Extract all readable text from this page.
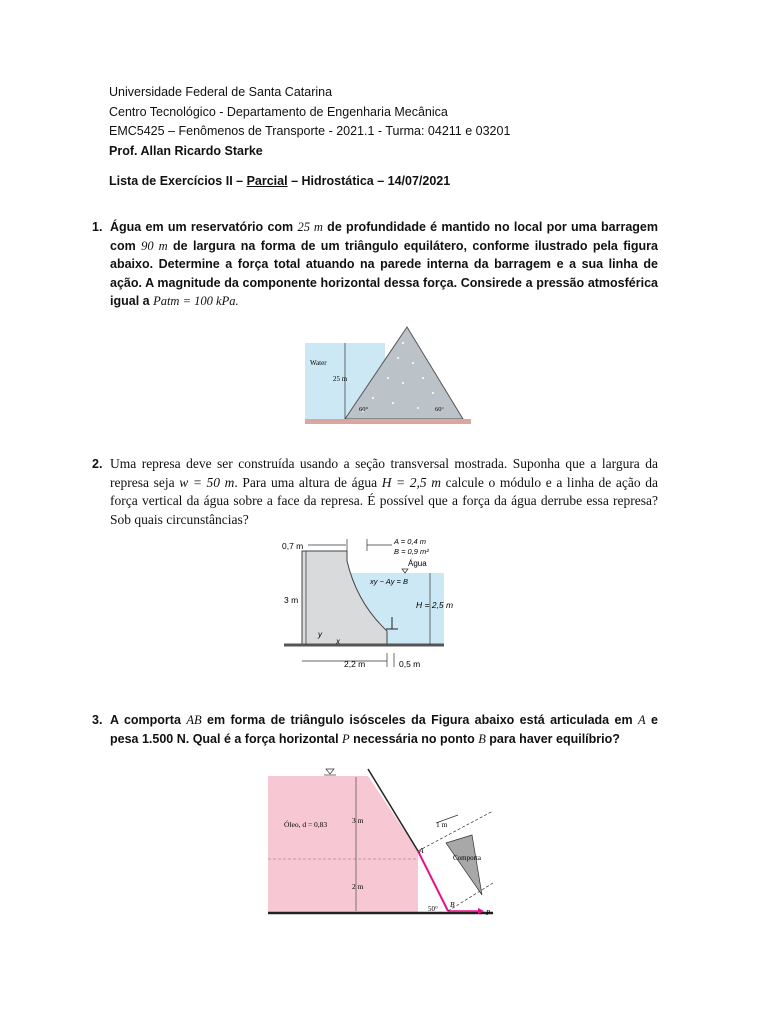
Universidade Federal de Santa Catarina
Centro Tecnológico - Departamento de Engenharia Mecânica
EMC5425 – Fenômenos de Transporte - 2021.1 - Turma: 04211 e 03201
Prof. Allan Ricardo Starke
Lista de Exercícios II – Parcial – Hidrostática – 14/07/2021
1. Água em um reservatório com 25 m de profundidade é mantido no local por uma barragem com 90 m de largura na forma de um triângulo equilátero, conforme ilustrado pela figura abaixo. Determine a força total atuando na parede interna da barragem e a sua linha de ação. A magnitude da componente horizontal dessa força. Consirede a pressão atmosférica igual a Patm = 100 kPa.
Water
25 m
60°	60°
2. Uma represa deve ser construída usando a seção transversal mostrada. Suponha que a largura da represa seja w = 50 m. Para uma altura de água H = 2,5 m calcule o módulo e a linha de ação da força vertical da água sobre a face da represa. É possível que a força da água derrube essa represa? Sob quais circunstâncias?
0,7 m	A = 0,4 m
B = 0,9 m²
Água
xy − Ay = B
3 m	H = 2,5 m
y
x
2,2 m	0,5 m
3. A comporta AB em forma de triângulo isósceles da Figura abaixo está articulada em A e pesa 1.500 N. Qual é a força horizontal P necessária no ponto B para haver equilíbrio?
Óleo, d = 0,83	3 m
2 m
1 m
Comporta
A
B
50°	P
